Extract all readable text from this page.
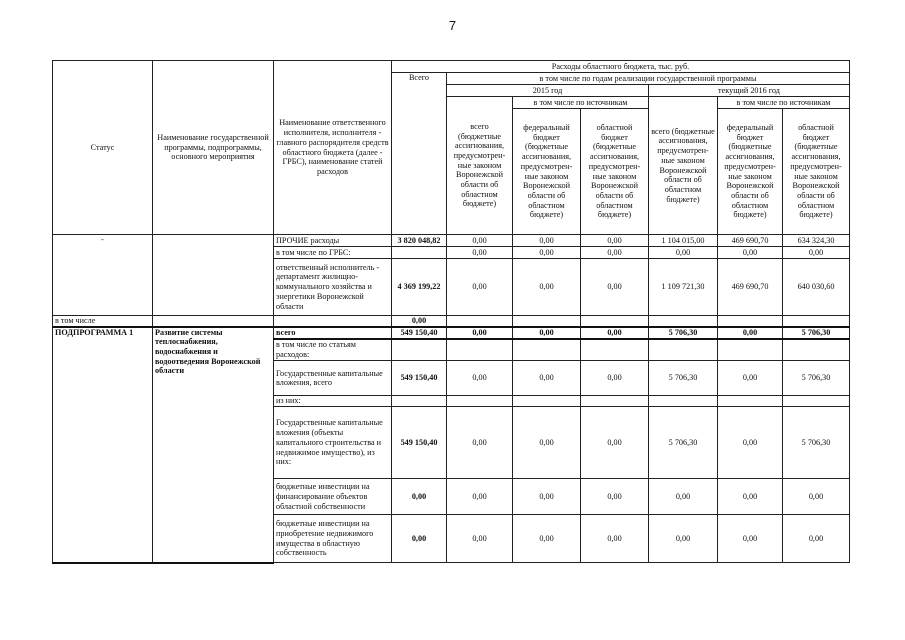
7
Статус	Наименование государственной программы, подпрограммы, основного мероприятия	Наименование ответственного исполнителя, исполнителя - главного распорядителя средств областного бюджета (далее - ГРБС), наименование статей расходов	Расходы областного бюджета, тыс. руб.						
			Всего	в том числе по годам реализации государственной программы					
				2015 год			текущий 2016 год		
				всего (бюджетные ассигнования, предусмотрен-ные законом Воронежской области об областном бюджете)	в том числе по источникам		всего (бюджетные ассигнования, предусмотрен-ные законом Воронежской области об областном бюджете)	в том числе по источникам	
					федеральный бюджет (бюджетные ассигнования, предусмотрен-ные законом Воронежской области об областном бюджете)	областной бюджет (бюджетные ассигнования, предусмотрен-ные законом Воронежской области об областном бюджете)		федеральный бюджет (бюджетные ассигнования, предусмотрен-ные законом Воронежской области об областном бюджете)	областной бюджет (бюджетные ассигнования, предусмотрен-ные законом Воронежской области об областном бюджете)
-		ПРОЧИЕ расходы	3 820 048,82	0,00	0,00	0,00	1 104 015,00	469 690,70	634 324,30
		в том числе по ГРБС:		0,00	0,00	0,00	0,00	0,00	0,00
		ответственный исполнитель - департамент жилищно-коммунального хозяйства и энергетики Воронежской области	4 369 199,22	0,00	0,00	0,00	1 109 721,30	469 690,70	640 030,60
в том числе			0,00						
ПОДПРОГРАММА 1	Развитие системы теплоснабжения, водоснабжения и водоотведения Воронежской области	всего	549 150,40	0,00	0,00	0,00	5 706,30	0,00	5 706,30
		в том числе по статьям расходов:							
		Государственные капитальные вложения, всего	549 150,40	0,00	0,00	0,00	5 706,30	0,00	5 706,30
		из них:							
		Государственные капитальные вложения (объекты капитального строительства и недвижимое имущество), из них:	549 150,40	0,00	0,00	0,00	5 706,30	0,00	5 706,30
		бюджетные инвестиции на финансирование объектов областной собственности	0,00	0,00	0,00	0,00	0,00	0,00	0,00
		бюджетные инвестиции на приобретение недвижимого имущества в областную собственность	0,00	0,00	0,00	0,00	0,00	0,00	0,00
